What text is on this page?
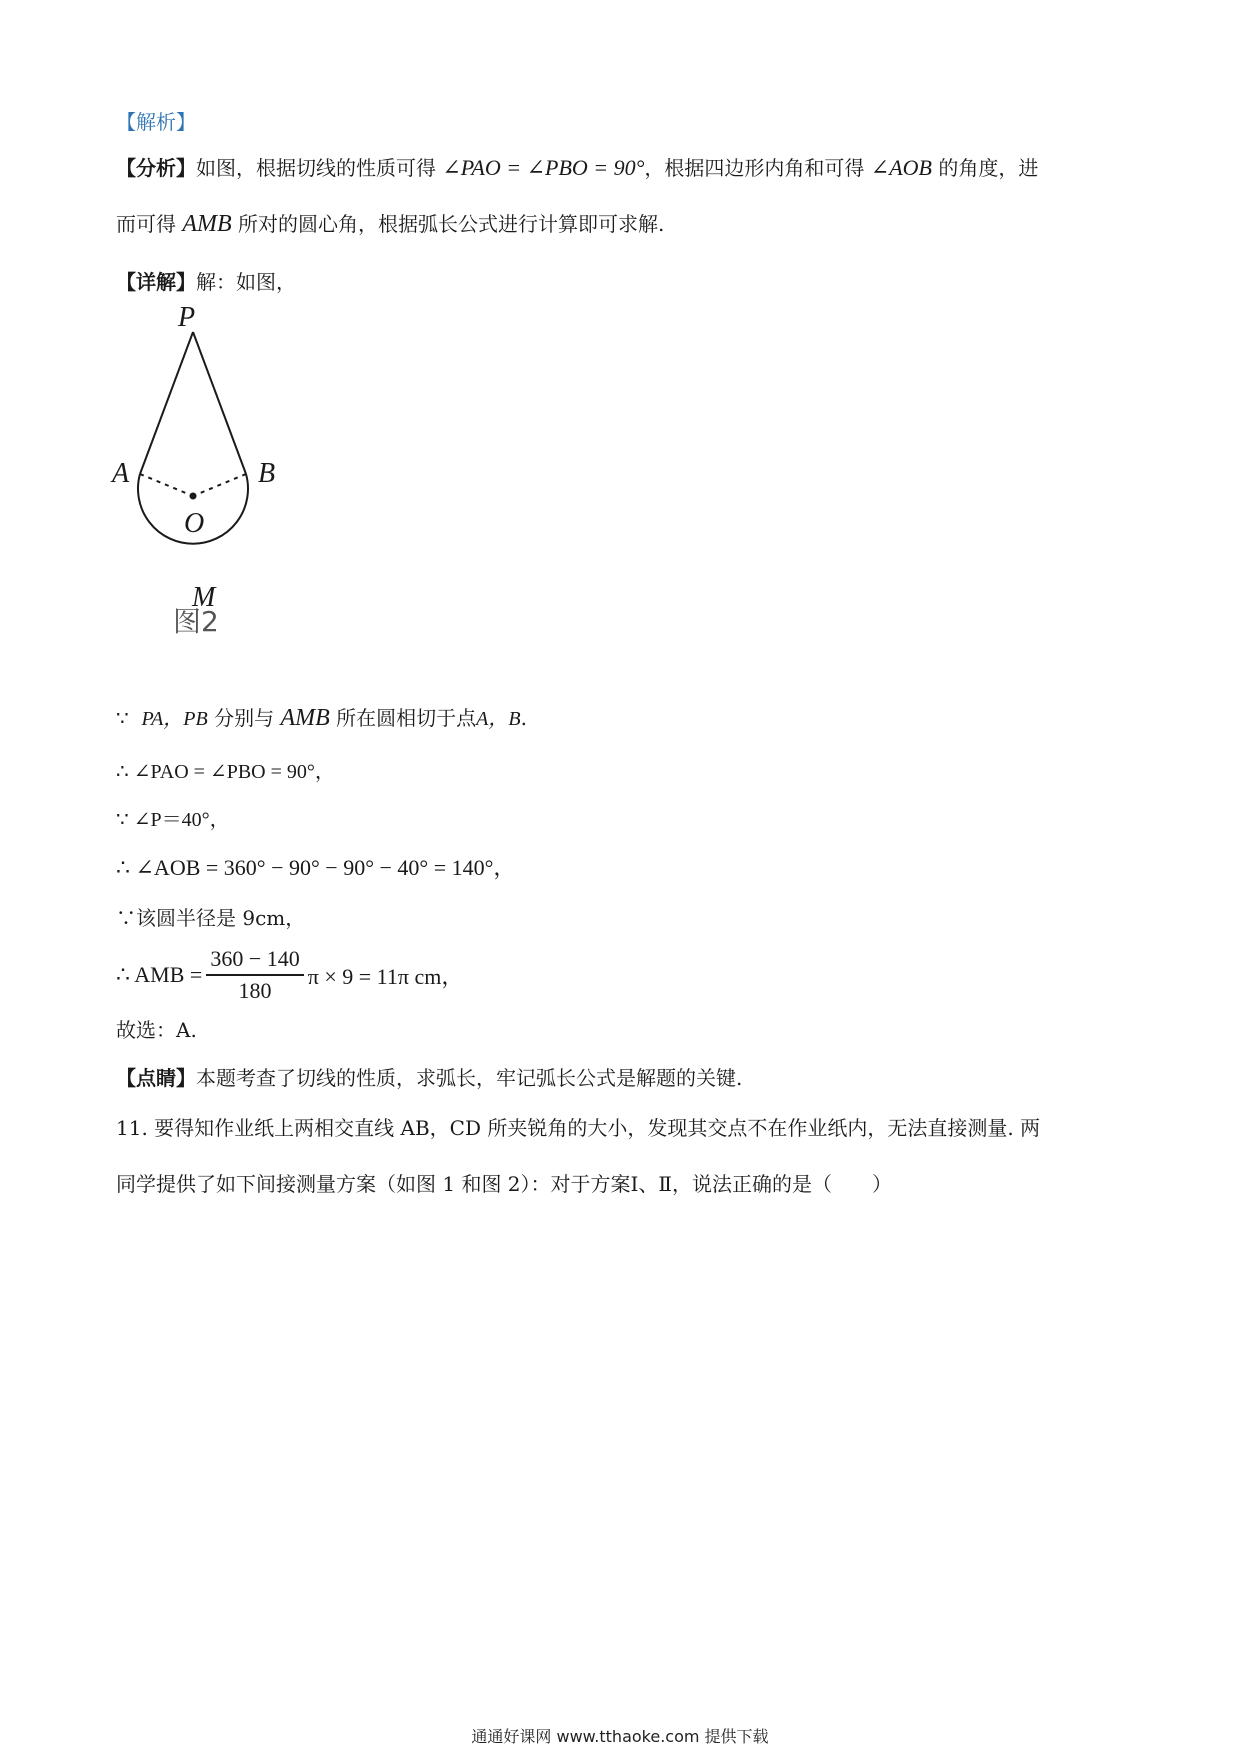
【解析】
【分析】如图，根据切线的性质可得 ∠PAO = ∠PBO = 90°，根据四边形内角和可得 ∠AOB 的角度，进
而可得 AMB 所对的圆心角，根据弧长公式进行计算即可求解.
【详解】解：如图，
P
A	B
O
M
图2
∵ PA，PB 分别与 AMB 所在圆相切于点A，B.
∴ ∠PAO = ∠PBO = 90°，
∵ ∠P＝40°，
∴ ∠AOB = 360° − 90° − 90° − 40° = 140°，
∵该圆半径是 9cm，
∴ AMB = $\frac{360 - 140}{180}$ π × 9 = 11π cm，
故选：A.
【点睛】本题考查了切线的性质，求弧长，牢记弧长公式是解题的关键.
11. 要得知作业纸上两相交直线 AB，CD 所夹锐角的大小，发现其交点不在作业纸内，无法直接测量. 两
同学提供了如下间接测量方案（如图 1 和图 2）：对于方案Ⅰ、Ⅱ，说法正确的是（　　）
通通好课网 www.tthaoke.com 提供下载
